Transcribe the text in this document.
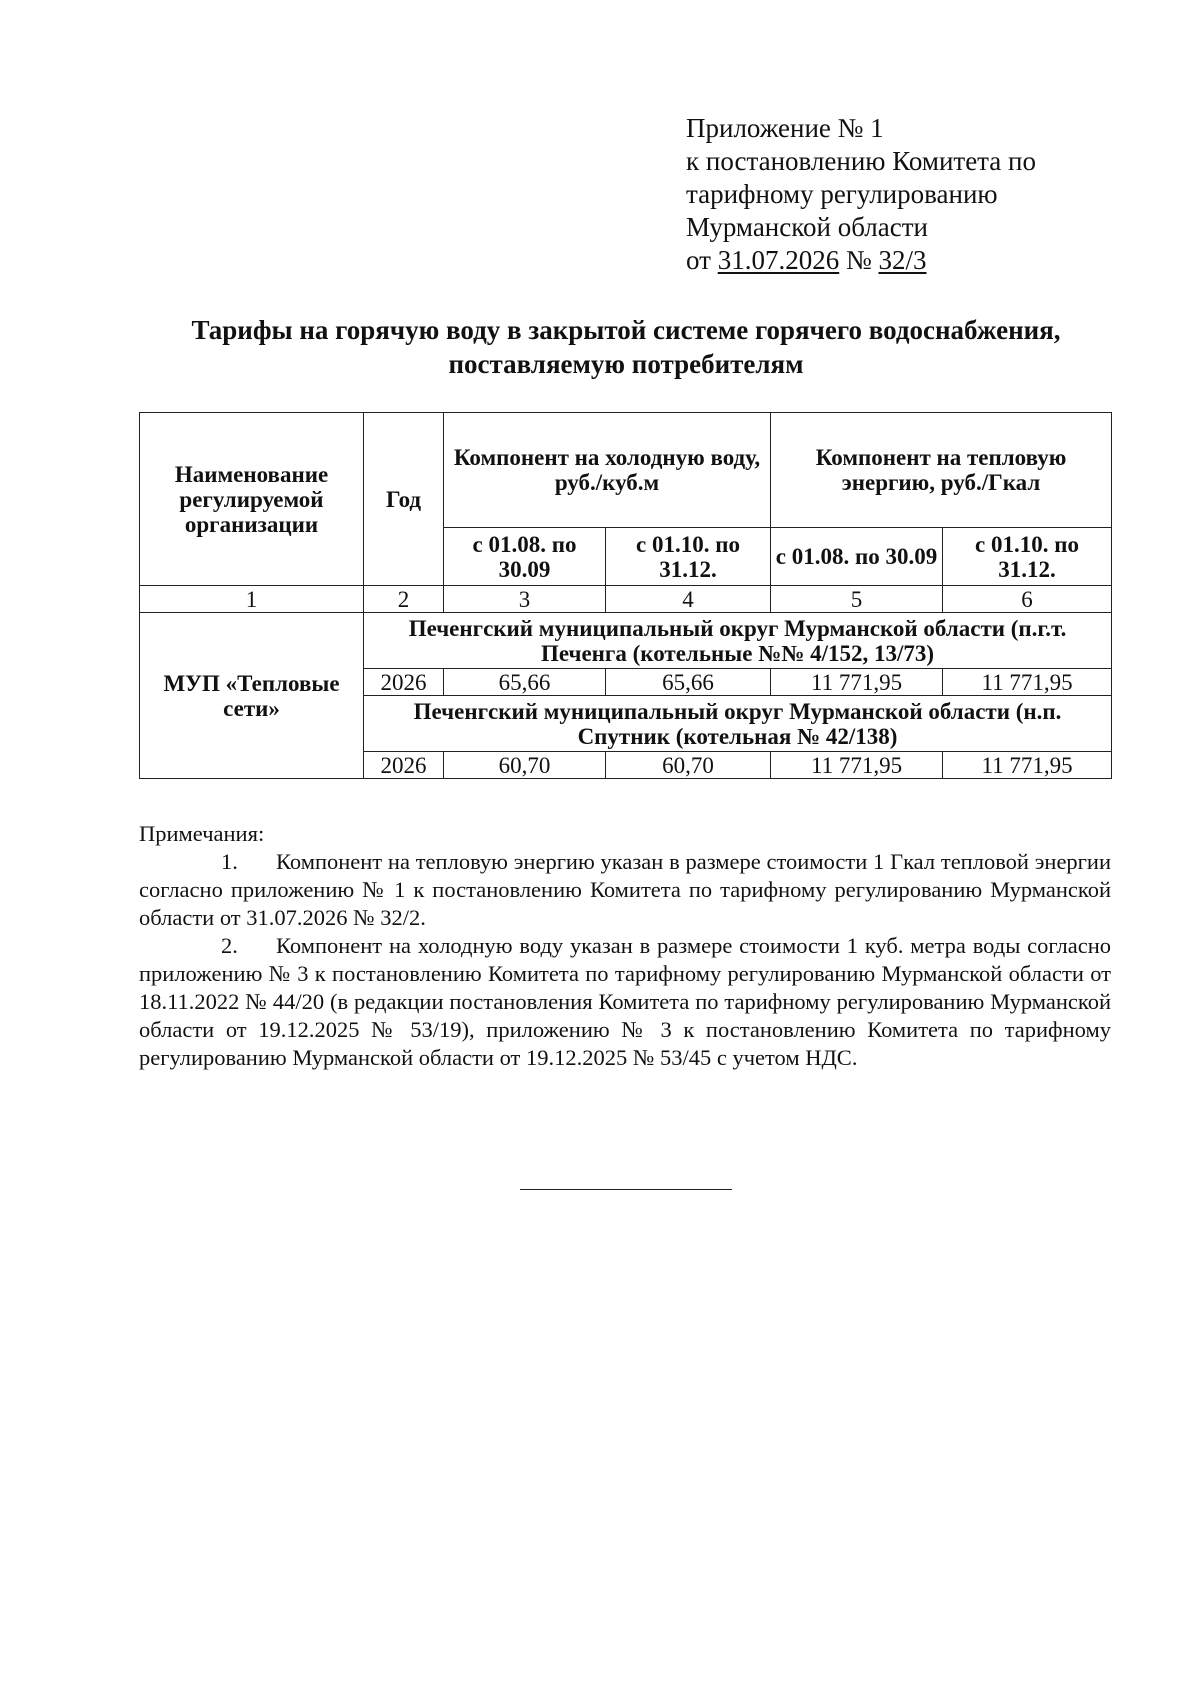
Приложение № 1
к постановлению Комитета по
тарифному регулированию
Мурманской области
от 31.07.2026 № 32/3
Тарифы на горячую воду в закрытой системе горячего водоснабжения,
поставляемую потребителям
Наименование регулируемой организации	Год	Компонент на холодную воду, руб./куб.м		Компонент на тепловую энергию, руб./Гкал	
		с 01.08. по 30.09	с 01.10. по 31.12.	с 01.08. по 30.09	с 01.10. по 31.12.
1	2	3	4	5	6
МУП «Тепловые сети»	Печенгский муниципальный округ Мурманской области (п.г.т. Печенга (котельные №№ 4/152, 13/73)				
	2026	65,66	65,66	11 771,95	11 771,95
	Печенгский муниципальный округ Мурманской области (н.п. Спутник (котельная № 42/138)				
	2026	60,70	60,70	11 771,95	11 771,95

Примечания:

1. Компонент на тепловую энергию указан в размере стоимости 1 Гкал тепловой энергии согласно приложению № 1 к постановлению Комитета по тарифному регулированию Мурманской области от 31.07.2026 № 32/2.

2. Компонент на холодную воду указан в размере стоимости 1 куб. метра воды согласно приложению № 3 к постановлению Комитета по тарифному регулированию Мурманской области от 18.11.2022 № 44/20 (в редакции постановления Комитета по тарифному регулированию Мурманской области от 19.12.2025 № 53/19), приложению № 3 к постановлению Комитета по тарифному регулированию Мурманской области от 19.12.2025 № 53/45 с учетом НДС.
